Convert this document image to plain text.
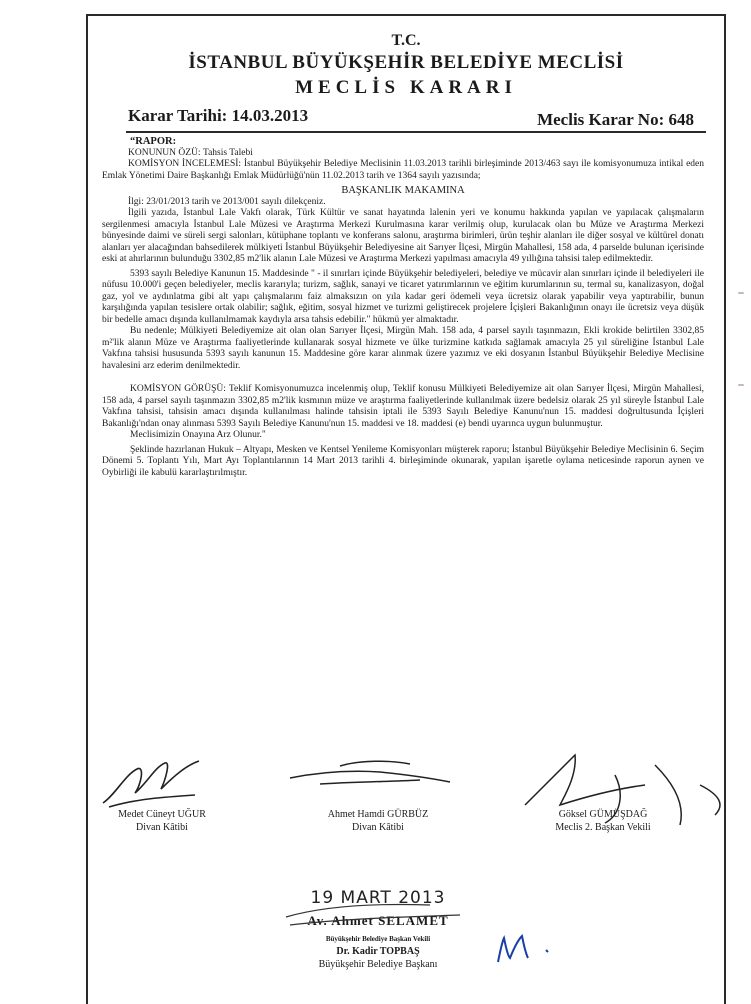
T.C.
İSTANBUL BÜYÜKŞEHİR BELEDİYE MECLİSİ
MECLİS KARARI
Karar Tarihi: 14.03.2013	Meclis Karar No: 648

“RAPOR:

KONUNUN ÖZÜ: Tahsis Talebi

KOMİSYON İNCELEMESİ: İstanbul Büyükşehir Belediye Meclisinin 11.03.2013 tarihli birleşiminde 2013/463 sayı ile komisyonumuza intikal eden Emlak Yönetimi Daire Başkanlığı Emlak Müdürlüğü'nün 11.02.2013 tarih ve 1364 sayılı yazısında;

BAŞKANLIK MAKAMINA

İlgi: 23/01/2013 tarih ve 2013/001 sayılı dilekçeniz.

İlgili yazıda, İstanbul Lale Vakfı olarak, Türk Kültür ve sanat hayatında lalenin yeri ve konumu hakkında yapılan ve yapılacak çalışmaların sergilenmesi amacıyla İstanbul Lale Müzesi ve Araştırma Merkezi Kurulmasına karar verilmiş olup, kurulacak olan bu Müze ve Araştırma Merkezi bünyesinde daimi ve süreli sergi salonları, kütüphane toplantı ve konferans salonu, araştırma birimleri, ürün teşhir alanları ile diğer sosyal ve kültürel donatı alanları yer alacağından bahsedilerek mülkiyeti İstanbul Büyükşehir Belediyesine ait Sarıyer İlçesi, Mirgün Mahallesi, 158 ada, 4 parselde bulunan içerisinde eski at ahırlarının bulunduğu 3302,85 m2'lik alanın Lale Müzesi ve Araştırma Merkezi yapılması amacıyla 49 yıllığına tahsisi talep edilmektedir.

5393 sayılı Belediye Kanunun 15. Maddesinde " - il sınırları içinde Büyükşehir belediyeleri, belediye ve mücavir alan sınırları içinde il belediyeleri ile nüfusu 10.000'i geçen belediyeler, meclis kararıyla; turizm, sağlık, sanayi ve ticaret yatırımlarının ve eğitim kurumlarının su, termal su, kanalizasyon, doğal gaz, yol ve aydınlatma gibi alt yapı çalışmalarını faiz almaksızın on yıla kadar geri ödemeli veya ücretsiz olarak yapabilir veya yaptırabilir, bunun karşılığında yapılan tesislere ortak olabilir; sağlık, eğitim, sosyal hizmet ve turizmi geliştirecek projelere İçişleri Bakanlığının onayı ile ücretsiz veya düşük bir bedelle amacı dışında kullanılmamak kaydıyla arsa tahsis edebilir." hükmü yer almaktadır.

Bu nedenle; Mülkiyeti Belediyemize ait olan olan Sarıyer İlçesi, Mirgün Mah. 158 ada, 4 parsel sayılı taşınmazın, Ekli krokide belirtilen 3302,85 m²'lik alanın Müze ve Araştırma faaliyetlerinde kullanarak sosyal hizmete ve ülke turizmine katkıda sağlamak amacıyla 25 yıl süreliğine İstanbul Lale Vakfına tahsisi hususunda 5393 sayılı kanunun 15. Maddesine göre karar alınmak üzere yazımız ve eki dosyanın İstanbul Büyükşehir Belediye Meclisine havalesini arz ederim denilmektedir.

KOMİSYON GÖRÜŞÜ: Teklif Komisyonumuzca incelenmiş olup, Teklif konusu Mülkiyeti Belediyemize ait olan Sarıyer İlçesi, Mirgün Mahallesi, 158 ada, 4 parsel sayılı taşınmazın 3302,85 m2'lik kısmının müze ve araştırma faaliyetlerinde kullanılmak üzere bedelsiz olarak 25 yıl süreyle İstanbul Lale Vakfına tahsisi, tahsisin amacı dışında kullanılması halinde tahsisin iptali ile 5393 Sayılı Belediye Kanunu'nun 15. maddesi doğrultusunda İçişleri Bakanlığı'ndan onay alınması 5393 Sayılı Belediye Kanunu'nun 15. maddesi ve 18. maddesi (e) bendi uyarınca uygun bulunmuştur.

Meclisimizin Onayına Arz Olunur."

Şeklinde hazırlanan Hukuk – Altyapı, Mesken ve Kentsel Yenileme Komisyonları müşterek raporu; İstanbul Büyükşehir Belediye Meclisinin 6. Seçim Dönemi 5. Toplantı Yılı, Mart Ayı Toplantılarının 14 Mart 2013 tarihli 4. birleşiminde okunarak, yapılan işaretle oylama neticesinde raporun aynen ve Oybirliği ile kabulü kararlaştırılmıştır.

Medet Cüneyt UĞUR
Divan Kâtibi
Ahmet Hamdi GÜRBÜZ
Divan Kâtibi
Göksel GÜMÜŞDAĞ
Meclis 2. Başkan Vekili
19 MART 2013
Av. Ahmet SELAMET
Büyükşehir Belediye Başkan Vekili
Dr. Kadir TOPBAŞ
Büyükşehir Belediye Başkanı
